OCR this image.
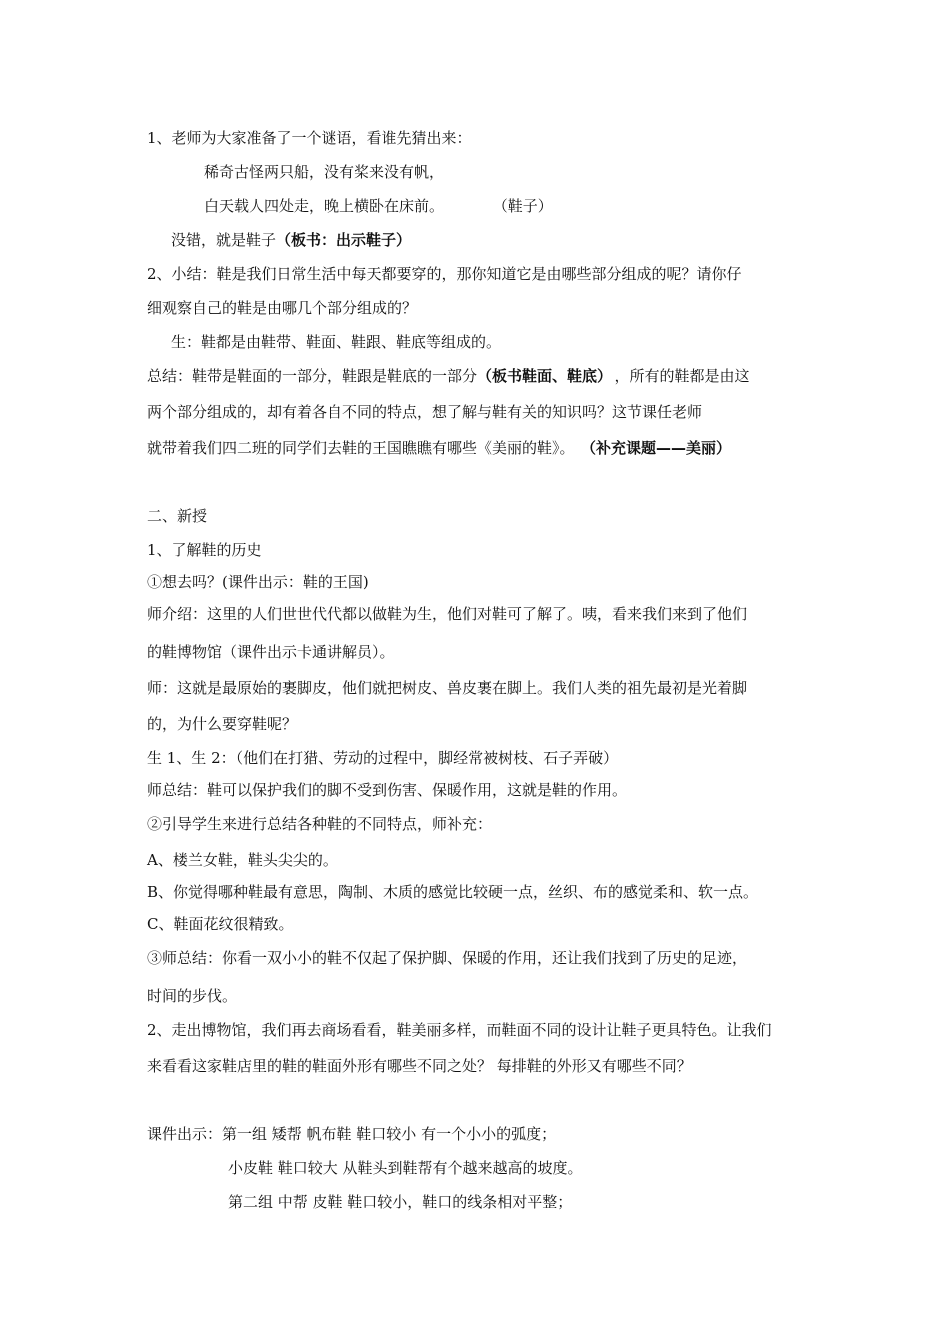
1、老师为大家准备了一个谜语，看谁先猜出来：
稀奇古怪两只船，没有桨来没有帆，
白天载人四处走，晚上横卧在床前。	（鞋子）
没错，就是鞋子（板书：出示鞋子）
2、小结：鞋是我们日常生活中每天都要穿的，那你知道它是由哪些部分组成的呢？请你仔
细观察自己的鞋是由哪几个部分组成的？
生：鞋都是由鞋带、鞋面、鞋跟、鞋底等组成的。
总结：鞋带是鞋面的一部分，鞋跟是鞋底的一部分（板书鞋面、鞋底） ，所有的鞋都是由这
两个部分组成的，却有着各自不同的特点，想了解与鞋有关的知识吗？这节课任老师
就带着我们四二班的同学们去鞋的王国瞧瞧有哪些《美丽的鞋》。 （补充课题——美丽）
二、新授
1、了解鞋的历史
①想去吗？(课件出示：鞋的王国)
师介绍：这里的人们世世代代都以做鞋为生，他们对鞋可了解了。咦，看来我们来到了他们
的鞋博物馆（课件出示卡通讲解员）。
师：这就是最原始的裹脚皮，他们就把树皮、兽皮裹在脚上。我们人类的祖先最初是光着脚
的，为什么要穿鞋呢？
生 1、生 2：（他们在打猎、劳动的过程中，脚经常被树枝、石子弄破）
师总结：鞋可以保护我们的脚不受到伤害、保暖作用，这就是鞋的作用。
②引导学生来进行总结各种鞋的不同特点，师补充：
A、楼兰女鞋，鞋头尖尖的。
B、你觉得哪种鞋最有意思，陶制、木质的感觉比较硬一点，丝织、布的感觉柔和、软一点。
C、鞋面花纹很精致。
③师总结：你看一双小小的鞋不仅起了保护脚、保暖的作用，还让我们找到了历史的足迹，
时间的步伐。
2、走出博物馆，我们再去商场看看，鞋美丽多样，而鞋面不同的设计让鞋子更具特色。让我们
来看看这家鞋店里的鞋的鞋面外形有哪些不同之处？ 每排鞋的外形又有哪些不同？
课件出示：第一组 矮帮 帆布鞋 鞋口较小 有一个小小的弧度；
小皮鞋 鞋口较大 从鞋头到鞋帮有个越来越高的坡度。
第二组 中帮 皮鞋 鞋口较小，鞋口的线条相对平整；
